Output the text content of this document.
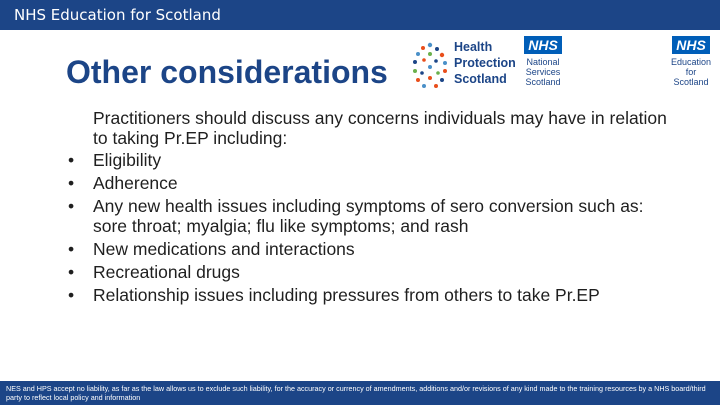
NHS Education for Scotland
Other considerations
Health
Protection
Scotland
NHS
National
Services
Scotland
NHS
Education
for
Scotland

Practitioners should discuss any concerns individuals may have in relation to taking Pr.EP including:

• Eligibility
• Adherence
• Any new health issues including symptoms of sero conversion such as: sore throat; myalgia; flu like symptoms; and rash
• New medications and interactions
• Recreational drugs
• Relationship issues including pressures from others to take Pr.EP
NES and HPS accept no liability, as far as the law allows us to exclude such liability, for the accuracy or currency of amendments, additions and/or revisions of any kind made to the training resources by a NHS board/third party to reflect local policy and information
